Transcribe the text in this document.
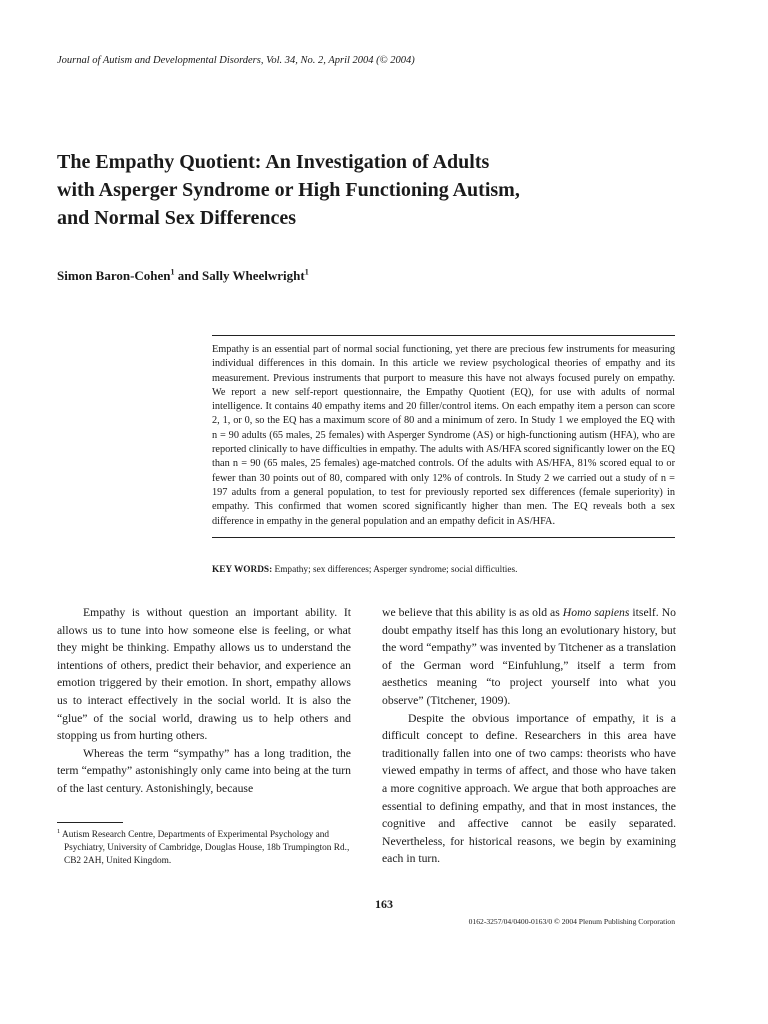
Journal of Autism and Developmental Disorders, Vol. 34, No. 2, April 2004 (© 2004)
The Empathy Quotient: An Investigation of Adults
with Asperger Syndrome or High Functioning Autism,
and Normal Sex Differences
Simon Baron-Cohen$^1$ and Sally Wheelwright$^1$
Empathy is an essential part of normal social functioning, yet there are precious few instruments for measuring individual differences in this domain. In this article we review psychological theories of empathy and its measurement. Previous instruments that purport to measure this have not always focused purely on empathy. We report a new self-report questionnaire, the Empathy Quotient (EQ), for use with adults of normal intelligence. It contains 40 empathy items and 20 filler/control items. On each empathy item a person can score 2, 1, or 0, so the EQ has a maximum score of 80 and a minimum of zero. In Study 1 we employed the EQ with n = 90 adults (65 males, 25 females) with Asperger Syndrome (AS) or high-functioning autism (HFA), who are reported clinically to have difficulties in empathy. The adults with AS/HFA scored significantly lower on the EQ than n = 90 (65 males, 25 females) age-matched controls. Of the adults with AS/HFA, 81% scored equal to or fewer than 30 points out of 80, compared with only 12% of controls. In Study 2 we carried out a study of n = 197 adults from a general population, to test for previously reported sex differences (female superiority) in empathy. This confirmed that women scored significantly higher than men. The EQ reveals both a sex difference in empathy in the general population and an empathy deficit in AS/HFA.
KEY WORDS: Empathy; sex differences; Asperger syndrome; social difficulties.

Empathy is without question an important ability. It allows us to tune into how someone else is feeling, or what they might be thinking. Empathy allows us to understand the intentions of others, predict their behavior, and experience an emotion triggered by their emotion. In short, empathy allows us to interact effectively in the social world. It is also the “glue” of the social world, drawing us to help others and stopping us from hurting others.

Whereas the term “sympathy” has a long tradition, the term “empathy” astonishingly only came into being at the turn of the last century. Astonishingly, because

we believe that this ability is as old as Homo sapiens itself. No doubt empathy itself has this long an evolutionary history, but the word “empathy” was invented by Titchener as a translation of the German word “Einfuhlung,” itself a term from aesthetics meaning “to project yourself into what you observe” (Titchener, 1909).

Despite the obvious importance of empathy, it is a difficult concept to define. Researchers in this area have traditionally fallen into one of two camps: theorists who have viewed empathy in terms of affect, and those who have taken a more cognitive approach. We argue that both approaches are essential to defining empathy, and that in most instances, the cognitive and affective cannot be easily separated. Nevertheless, for historical reasons, we begin by examining each in turn.

$^1$ Autism Research Centre, Departments of Experimental Psychology and Psychiatry, University of Cambridge, Douglas House, 18b Trumpington Rd., CB2 2AH, United Kingdom.
163
0162-3257/04/0400-0163/0 © 2004 Plenum Publishing Corporation
